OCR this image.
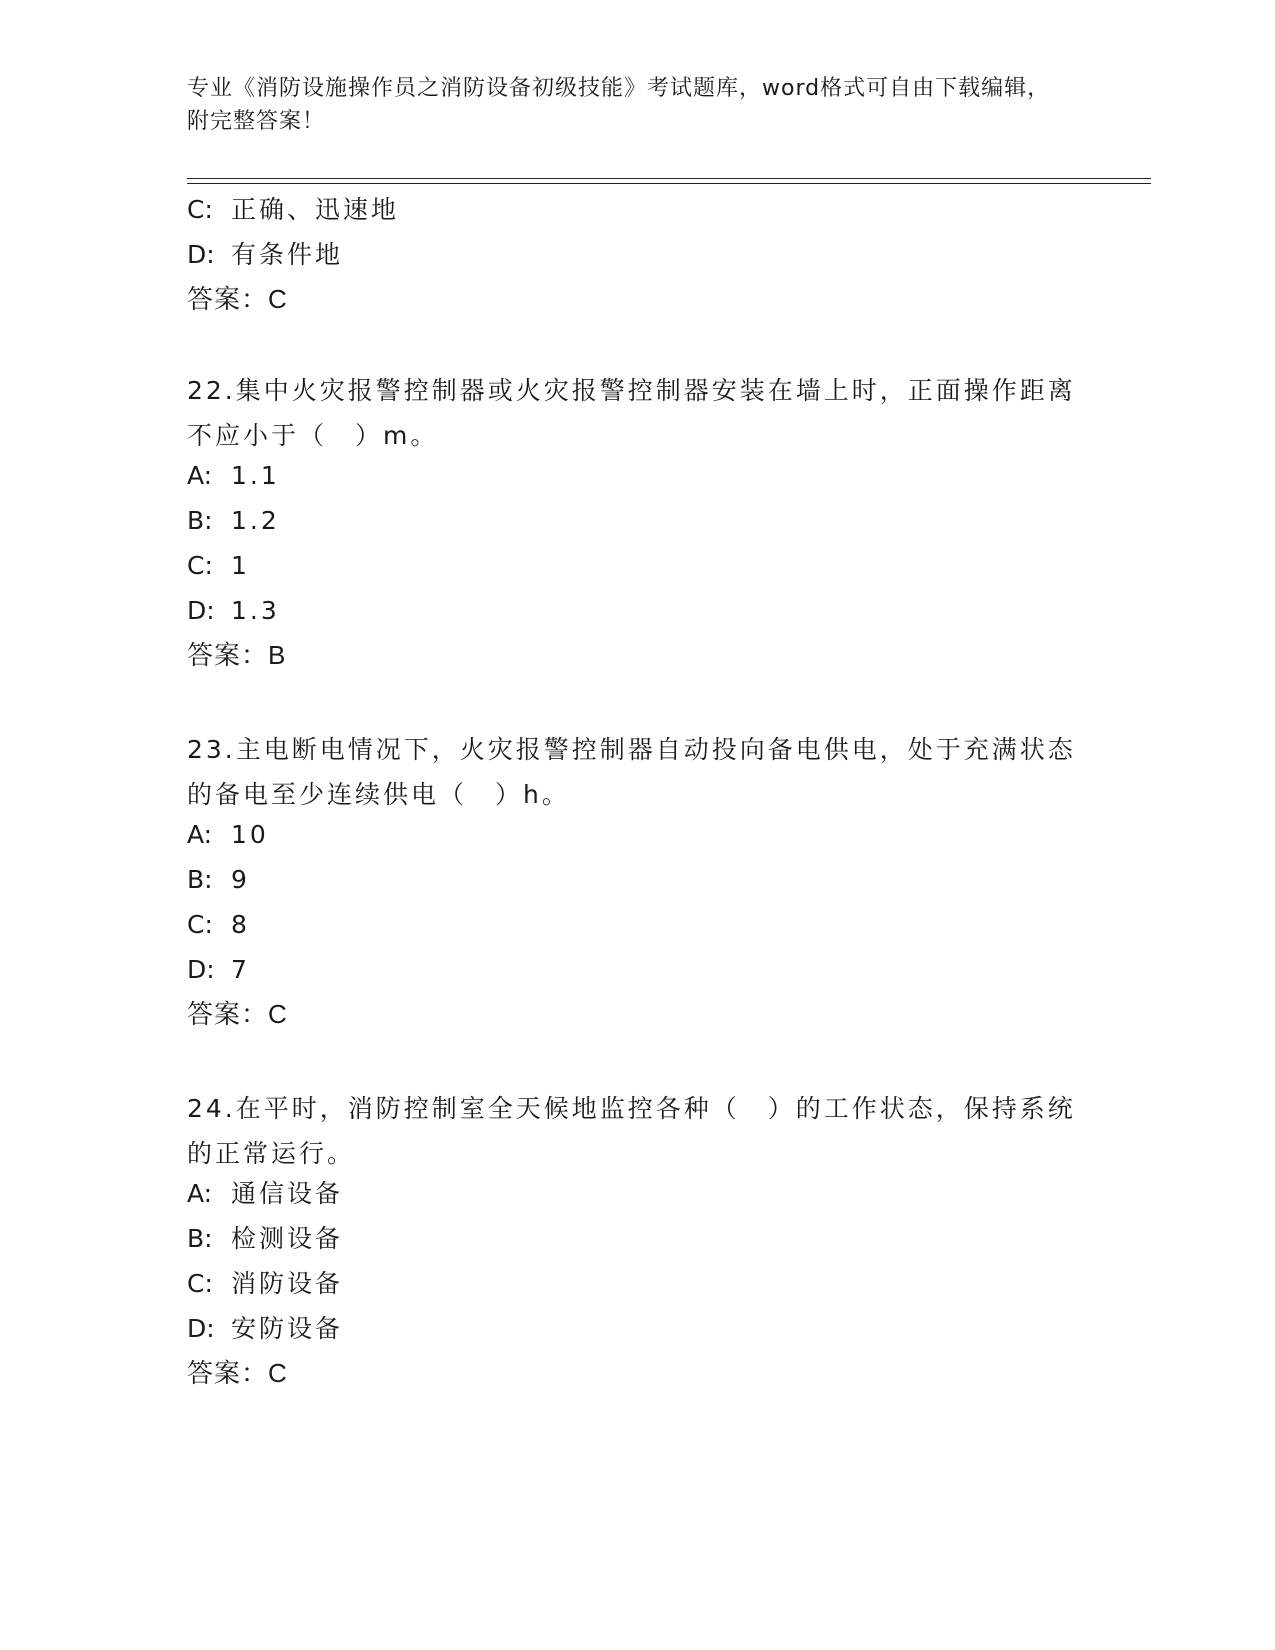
专业《消防设施操作员之消防设备初级技能》考试题库，word格式可自由下载编辑，附完整答案！
C: 正确、迅速地
D: 有条件地
答案：C
22.集中火灾报警控制器或火灾报警控制器安装在墙上时，正面操作距离不应小于（　）m。
A: 1.1
B: 1.2
C: 1
D: 1.3
答案：B
23.主电断电情况下，火灾报警控制器自动投向备电供电，处于充满状态的备电至少连续供电（　）h。
A: 10
B: 9
C: 8
D: 7
答案：C
24.在平时，消防控制室全天候地监控各种（　）的工作状态，保持系统的正常运行。
A: 通信设备
B: 检测设备
C: 消防设备
D: 安防设备
答案：C
